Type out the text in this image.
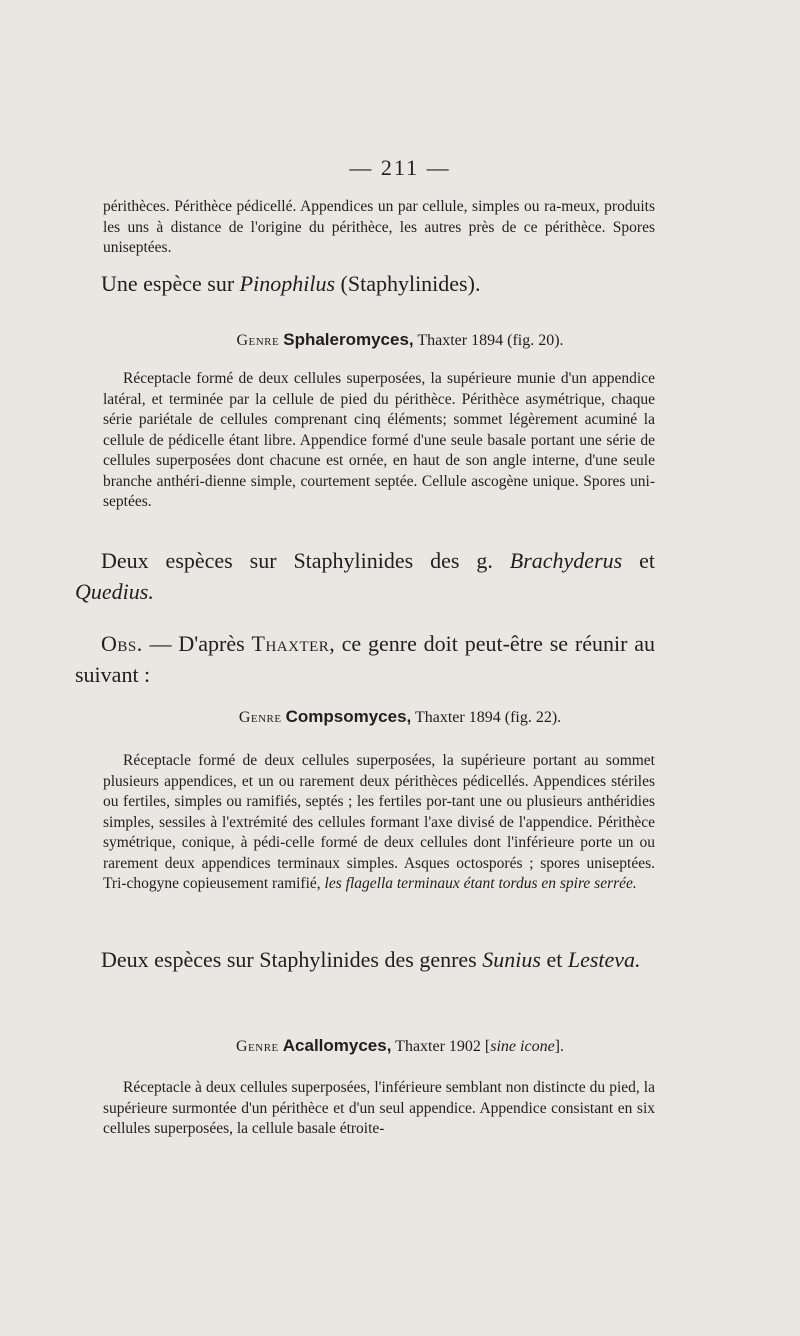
— 211 —

périthèces. Périthèce pédicellé. Appendices un par cellule, simples ou ra-meux, produits les uns à distance de l'origine du périthèce, les autres près de ce périthèce. Spores uniseptées.

Une espèce sur Pinophilus (Staphylinides).

Genre Sphaleromyces, Thaxter 1894 (fig. 20).

Réceptacle formé de deux cellules superposées, la supérieure munie d'un appendice latéral, et terminée par la cellule de pied du périthèce. Périthèce asymétrique, chaque série pariétale de cellules comprenant cinq éléments; sommet légèrement acuminé la cellule de pédicelle étant libre. Appendice formé d'une seule basale portant une série de cellules superposées dont chacune est ornée, en haut de son angle interne, d'une seule branche anthéri-dienne simple, courtement septée. Cellule ascogène unique. Spores uni-septées.

Deux espèces sur Staphylinides des g. Brachyderus et Quedius.

Obs. — D'après Thaxter, ce genre doit peut-être se réunir au suivant :

Genre Compsomyces, Thaxter 1894 (fig. 22).

Réceptacle formé de deux cellules superposées, la supérieure portant au sommet plusieurs appendices, et un ou rarement deux périthèces pédicellés. Appendices stériles ou fertiles, simples ou ramifiés, septés ; les fertiles por-tant une ou plusieurs anthéridies simples, sessiles à l'extrémité des cellules formant l'axe divisé de l'appendice. Périthèce symétrique, conique, à pédi-celle formé de deux cellules dont l'inférieure porte un ou rarement deux appendices terminaux simples. Asques octosporés ; spores uniseptées. Tri-chogyne copieusement ramifié, les flagella terminaux étant tordus en spire serrée.

Deux espèces sur Staphylinides des genres Sunius et Lesteva.

Genre Acallomyces, Thaxter 1902 [sine icone].

Réceptacle à deux cellules superposées, l'inférieure semblant non distincte du pied, la supérieure surmontée d'un périthèce et d'un seul appendice. Appendice consistant en six cellules superposées, la cellule basale étroite-
